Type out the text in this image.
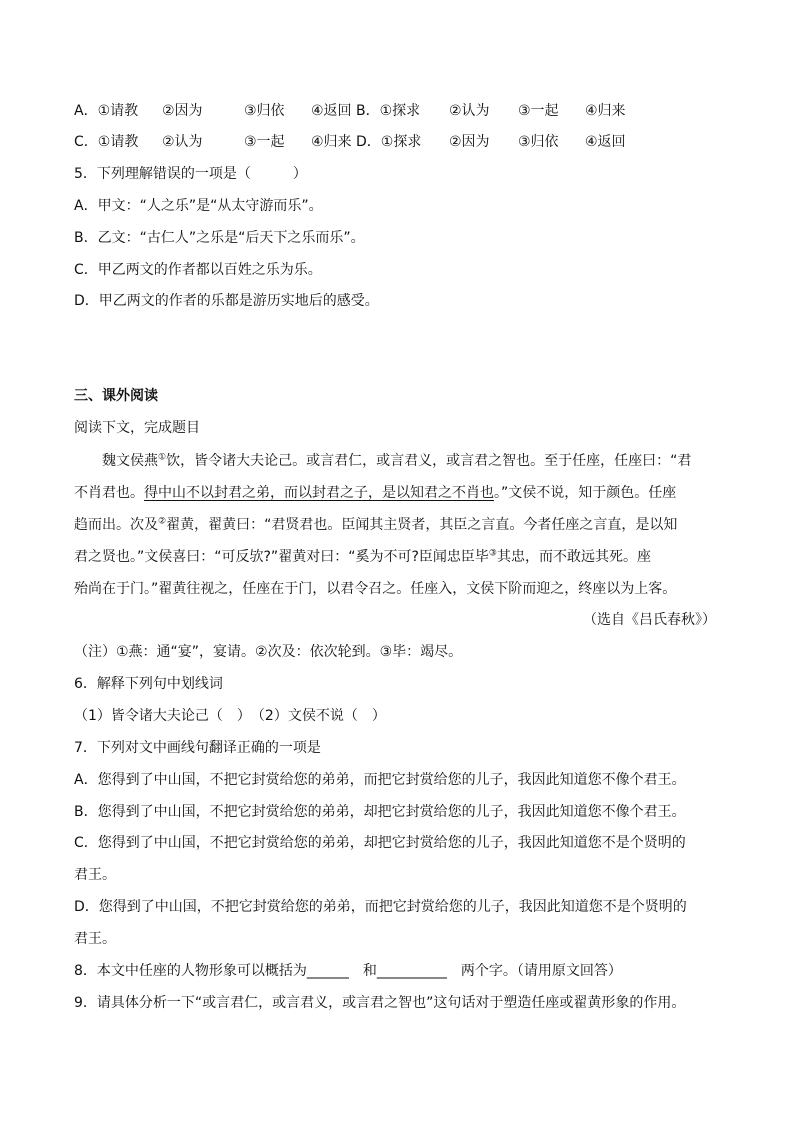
A．①请教 ②因为	③归依 ④返回 B．①探求 ②认为 ③一起 ④归来
C．①请教 ②认为	③一起 ④归来 D．①探求 ②因为 ③归依 ④返回
5．下列理解错误的一项是（　　　）
A．甲文：“人之乐”是“从太守游而乐”。
B．乙文：“古仁人”之乐是“后天下之乐而乐”。
C．甲乙两文的作者都以百姓之乐为乐。
D．甲乙两文的作者的乐都是游历实地后的感受。
三、课外阅读
阅读下文，完成题目
　　魏文侯燕①饮，皆令诸大夫论己。或言君仁，或言君义，或言君之智也。至于任座，任座曰：“君
不肖君也。得中山不以封君之弟，而以封君之子，是以知君之不肖也。”文侯不说，知于颜色。任座
趋而出。次及②翟黄，翟黄曰：“君贤君也。臣闻其主贤者，其臣之言直。今者任座之言直，是以知
君之贤也。”文侯喜曰：“可反欤?”翟黄对曰：“奚为不可?臣闻忠臣毕③其忠，而不敢远其死。座
殆尚在于门。”翟黄往视之，任座在于门，以君令召之。任座入，文侯下阶而迎之，终座以为上客。
（选自《吕氏春秋》）
（注）①燕：通“宴”，宴请。②次及：依次轮到。③毕：竭尽。
6．解释下列句中划线词
（1）皆令诸大夫论己（　）　（2）文侯不说（　）
7．下列对文中画线句翻译正确的一项是
A．您得到了中山国，不把它封赏给您的弟弟，而把它封赏给您的儿子，我因此知道您不像个君王。
B．您得到了中山国，不把它封赏给您的弟弟，却把它封赏给您的儿子，我因此知道您不像个君王。
C．您得到了中山国，不把它封赏给您的弟弟，却把它封赏给您的儿子，我因此知道您不是个贤明的
君王。
D．您得到了中山国，不把它封赏给您的弟弟，而把它封赏给您的儿子，我因此知道您不是个贤明的
君王。
8．本文中任座的人物形象可以概括为______　和__________　两个字。（请用原文回答）
9．请具体分析一下“或言君仁，或言君义，或言君之智也”这句话对于塑造任座或翟黄形象的作用。
